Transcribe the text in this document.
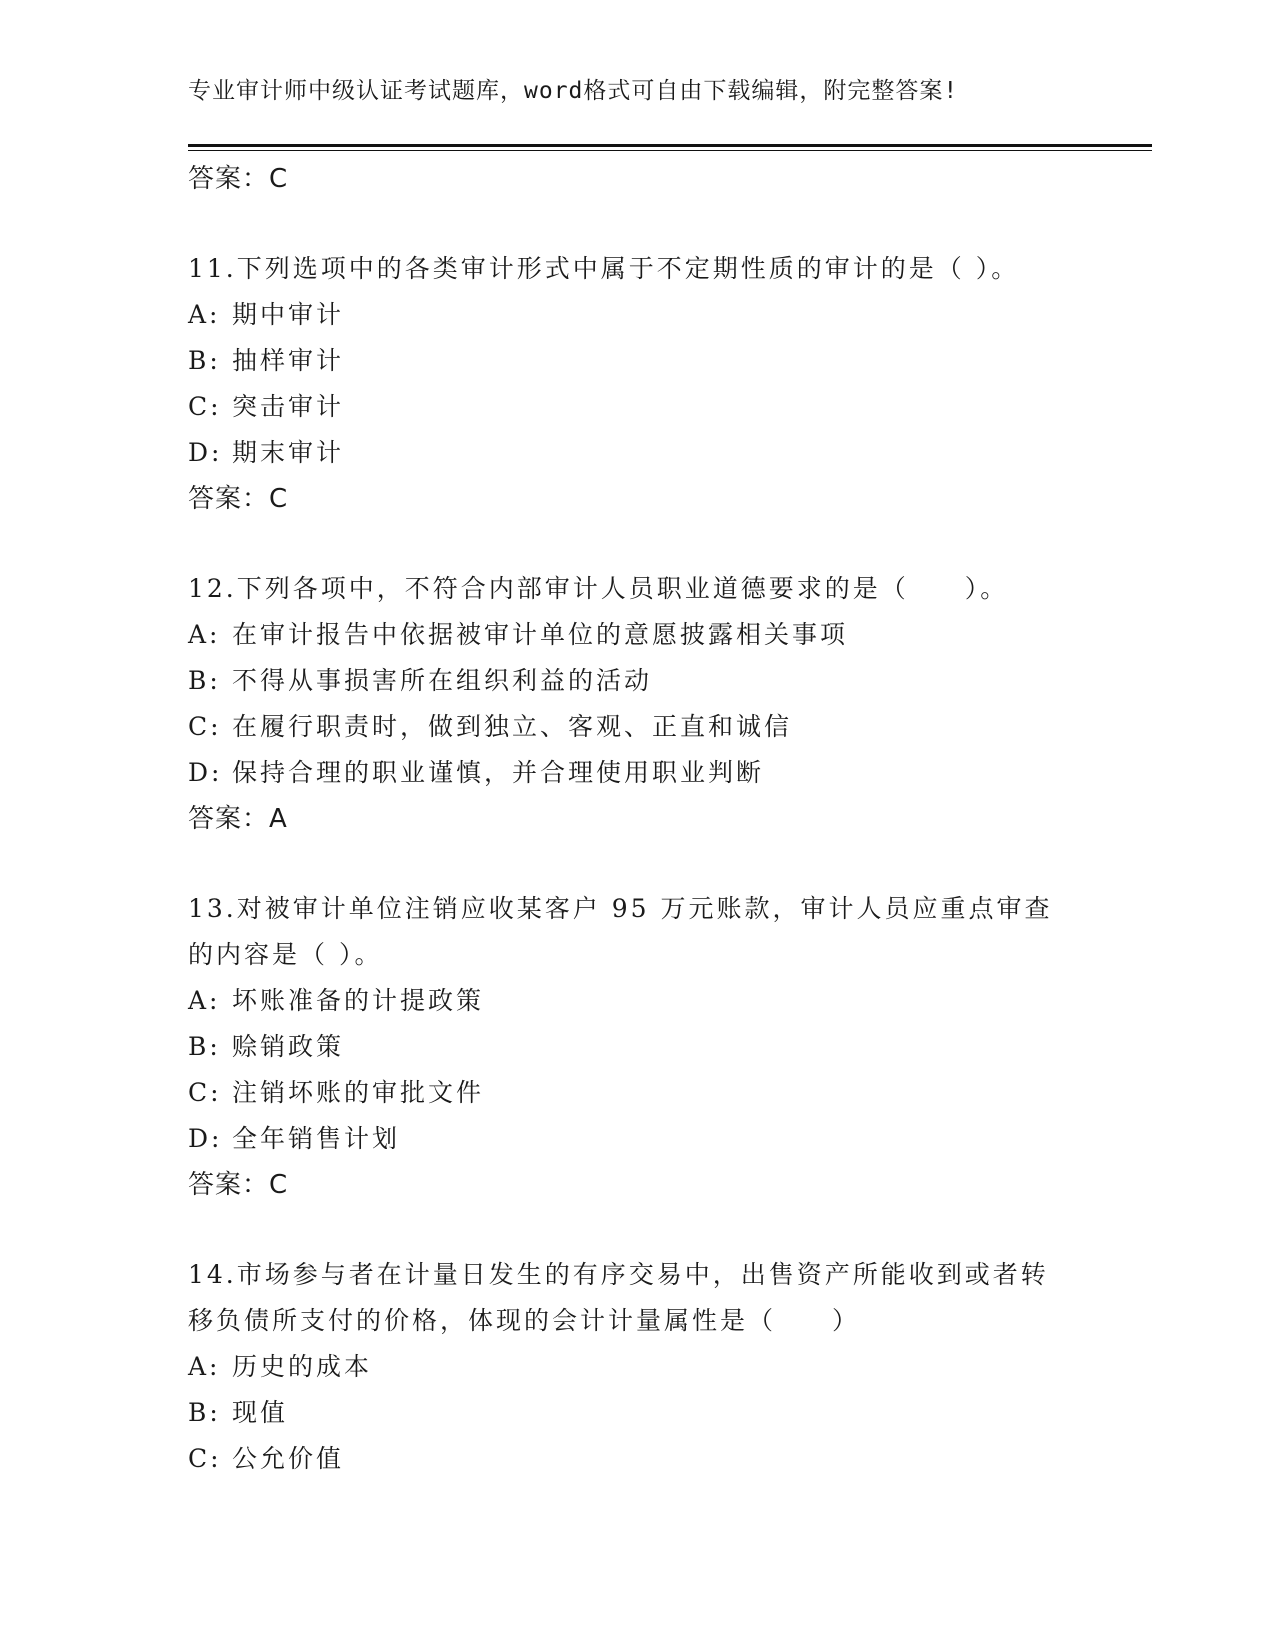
专业审计师中级认证考试题库，word格式可自由下载编辑，附完整答案!
答案：C
11.下列选项中的各类审计形式中属于不定期性质的审计的是（ ）。
A: 期中审计
B: 抽样审计
C: 突击审计
D: 期末审计
答案：C
12.下列各项中，不符合内部审计人员职业道德要求的是（　　）。
A: 在审计报告中依据被审计单位的意愿披露相关事项
B: 不得从事损害所在组织利益的活动
C: 在履行职责时，做到独立、客观、正直和诚信
D: 保持合理的职业谨慎，并合理使用职业判断
答案：A
13.对被审计单位注销应收某客户 95 万元账款，审计人员应重点审查
的内容是（ ）。
A: 坏账准备的计提政策
B: 赊销政策
C: 注销坏账的审批文件
D: 全年销售计划
答案：C
14.市场参与者在计量日发生的有序交易中，出售资产所能收到或者转
移负债所支付的价格，体现的会计计量属性是（　　）
A: 历史的成本
B: 现值
C: 公允价值
